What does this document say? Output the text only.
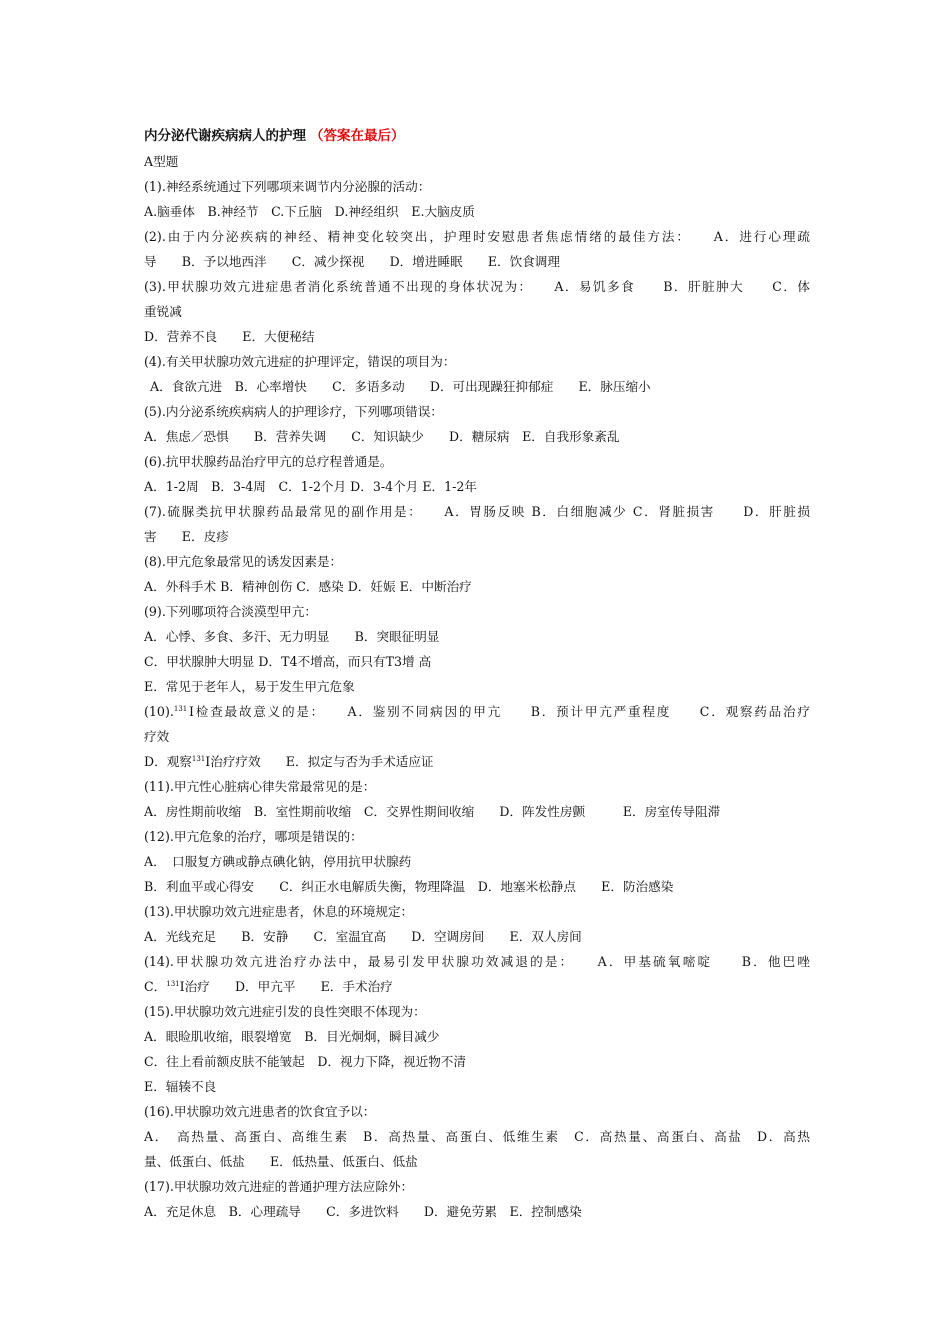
内分泌代谢疾病病人的护理 （答案在最后）
A型题
(1).神经系统通过下列哪项来调节内分泌腺的活动：
A.脑垂体　B.神经节　C.下丘脑　D.神经组织　E.大脑皮质
(2).由于内分泌疾病的神经、精神变化较突出，护理时安慰患者焦虑情绪的最佳方法：　　A．进行心理疏
导　　B．予以地西泮　　C．减少探视　　D．增进睡眠　　E．饮食调理
(3).甲状腺功效亢进症患者消化系统普通不出现的身体状况为：　　A．易饥多食　　B．肝脏肿大　　C．体
重锐减
D．营养不良　　E．大便秘结
(4).有关甲状腺功效亢进症的护理评定，错误的项目为：
A．食欲亢进　B．心率增快　　C．多语多动　　D．可出现躁狂抑郁症　　E．脉压缩小
(5).内分泌系统疾病病人的护理诊疗，下列哪项错误：
A．焦虑／恐惧　　B．营养失调　　C．知识缺少　　D．糖尿病　E．自我形象紊乱
(6).抗甲状腺药品治疗甲亢的总疗程普通是。
A．1-2周　B．3-4周　C．1-2个月 D．3-4个月 E．1-2年
(7).硫脲类抗甲状腺药品最常见的副作用是：　　A．胃肠反映 B．白细胞减少 C．肾脏损害　　D．肝脏损
害　　E．皮疹
(8).甲亢危象最常见的诱发因素是：
A．外科手术 B．精神创伤 C．感染 D．妊娠 E．中断治疗
(9).下列哪项符合淡漠型甲亢：
A．心悸、多食、多汗、无力明显　　B．突眼征明显
C．甲状腺肿大明显 D．T4不增高，而只有T3增 高
E．常见于老年人，易于发生甲亢危象
(10).$^{131}$Ⅰ检查最故意义的是：　　A．鉴别不同病因的甲亢　　B．预计甲亢严重程度　　C．观察药品治疗
疗效
D．观察$^{131}$Ⅰ治疗疗效　　E．拟定与否为手术适应证
(11).甲亢性心脏病心律失常最常见的是：
A．房性期前收缩　B．室性期前收缩　C．交界性期间收缩　　D．阵发性房颤　　　E．房室传导阻滞
(12).甲亢危象的治疗，哪项是错误的：
A．　口服复方碘或静点碘化钠，停用抗甲状腺药
B．利血平或心得安　　C．纠正水电解质失衡，物理降温　D．地塞米松静点　　E．防治感染
(13).甲状腺功效亢进症患者，休息的环境规定：
A．光线充足　　B．安静　　C．室温宜高　　D．空调房间　　E．双人房间
(14).甲状腺功效亢进治疗办法中，最易引发甲状腺功效减退的是：　　A．甲基硫氧嘧啶　　B．他巴唑
C．$^{131}$I治疗　　D．甲亢平　　E．手术治疗
(15).甲状腺功效亢进症引发的良性突眼不体现为：
A．眼睑肌收缩，眼裂增宽　B．目光炯炯，瞬目减少
C．往上看前额皮肤不能皱起　D．视力下降，视近物不清
E．辐辏不良
(16).甲状腺功效亢进患者的饮食宜予以：
A．　高热量、高蛋白、高维生素　B．高热量、高蛋白、低维生素　C．高热量、高蛋白、高盐　D．高热
量、低蛋白、低盐　　E．低热量、低蛋白、低盐
(17).甲状腺功效亢进症的普通护理方法应除外：
A．充足休息　B．心理疏导　　C．多进饮料　　D．避免劳累　E．控制感染
